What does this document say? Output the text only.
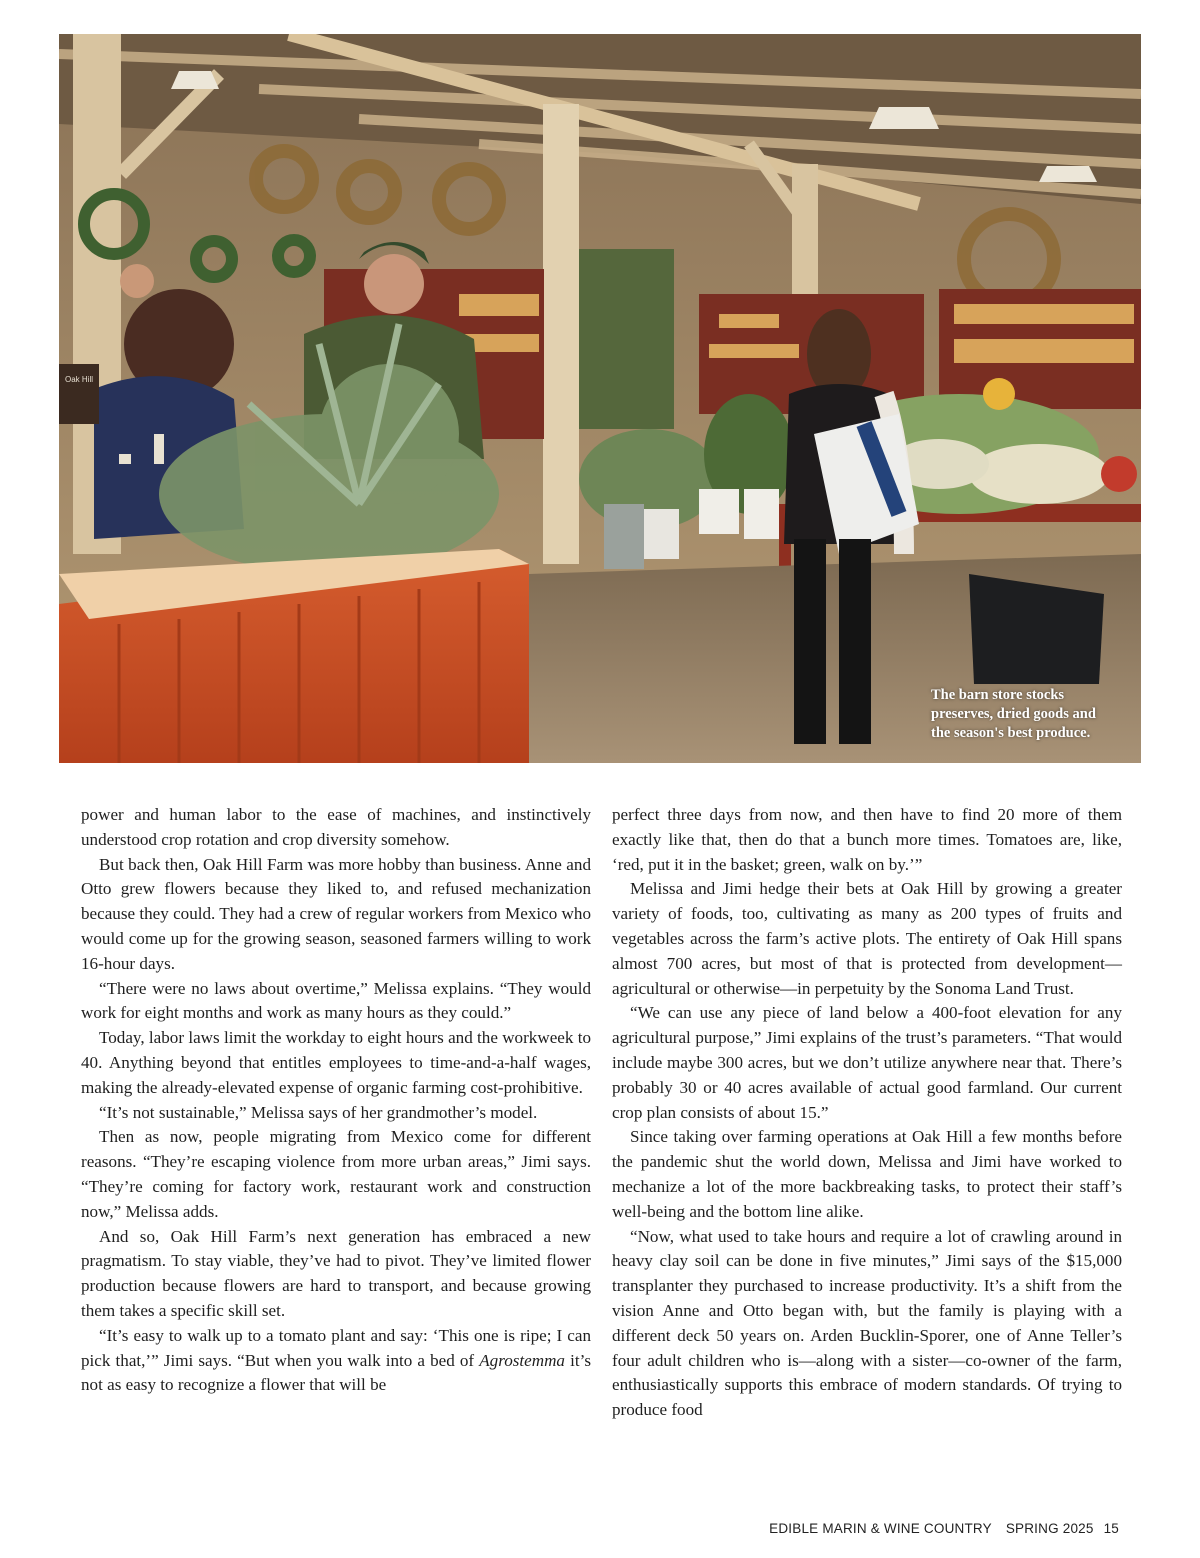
Oak Hill
The barn store stocks preserves, dried goods and the season's best produce.

power and human labor to the ease of machines, and instinctively understood crop rotation and crop diversity somehow.

But back then, Oak Hill Farm was more hobby than business. Anne and Otto grew flowers because they liked to, and refused mechanization because they could. They had a crew of regular workers from Mexico who would come up for the growing season, seasoned farmers willing to work 16-hour days.

“There were no laws about overtime,” Melissa explains. “They would work for eight months and work as many hours as they could.”

Today, labor laws limit the workday to eight hours and the workweek to 40. Anything beyond that entitles employees to time-and-a-half wages, making the already-elevated expense of organic farming cost-prohibitive.

“It’s not sustainable,” Melissa says of her grandmother’s model.

Then as now, people migrating from Mexico come for different reasons. “They’re escaping violence from more urban areas,” Jimi says. “They’re coming for factory work, restaurant work and construction now,” Melissa adds.

And so, Oak Hill Farm’s next generation has embraced a new pragmatism. To stay viable, they’ve had to pivot. They’ve limited flower production because flowers are hard to transport, and because growing them takes a specific skill set.

“It’s easy to walk up to a tomato plant and say: ‘This one is ripe; I can pick that,’” Jimi says. “But when you walk into a bed of Agrostemma it’s not as easy to recognize a flower that will be

perfect three days from now, and then have to find 20 more of them exactly like that, then do that a bunch more times. Tomatoes are, like, ‘red, put it in the basket; green, walk on by.’”

Melissa and Jimi hedge their bets at Oak Hill by growing a greater variety of foods, too, cultivating as many as 200 types of fruits and vegetables across the farm’s active plots. The entirety of Oak Hill spans almost 700 acres, but most of that is protected from development—agricultural or otherwise—in perpetuity by the Sonoma Land Trust.

“We can use any piece of land below a 400-foot elevation for any agricultural purpose,” Jimi explains of the trust’s parameters. “That would include maybe 300 acres, but we don’t utilize anywhere near that. There’s probably 30 or 40 acres available of actual good farmland. Our current crop plan consists of about 15.”

Since taking over farming operations at Oak Hill a few months before the pandemic shut the world down, Melissa and Jimi have worked to mechanize a lot of the more backbreaking tasks, to protect their staff’s well-being and the bottom line alike.

“Now, what used to take hours and require a lot of crawling around in heavy clay soil can be done in five minutes,” Jimi says of the $15,000 transplanter they purchased to increase productivity. It’s a shift from the vision Anne and Otto began with, but the family is playing with a different deck 50 years on. Arden Bucklin-Sporer, one of Anne Teller’s four adult children who is—along with a sister—co-owner of the farm, enthusiastically supports this embrace of modern standards. Of trying to produce food

EDIBLE MARIN & WINE COUNTRY SPRING 2025 15
